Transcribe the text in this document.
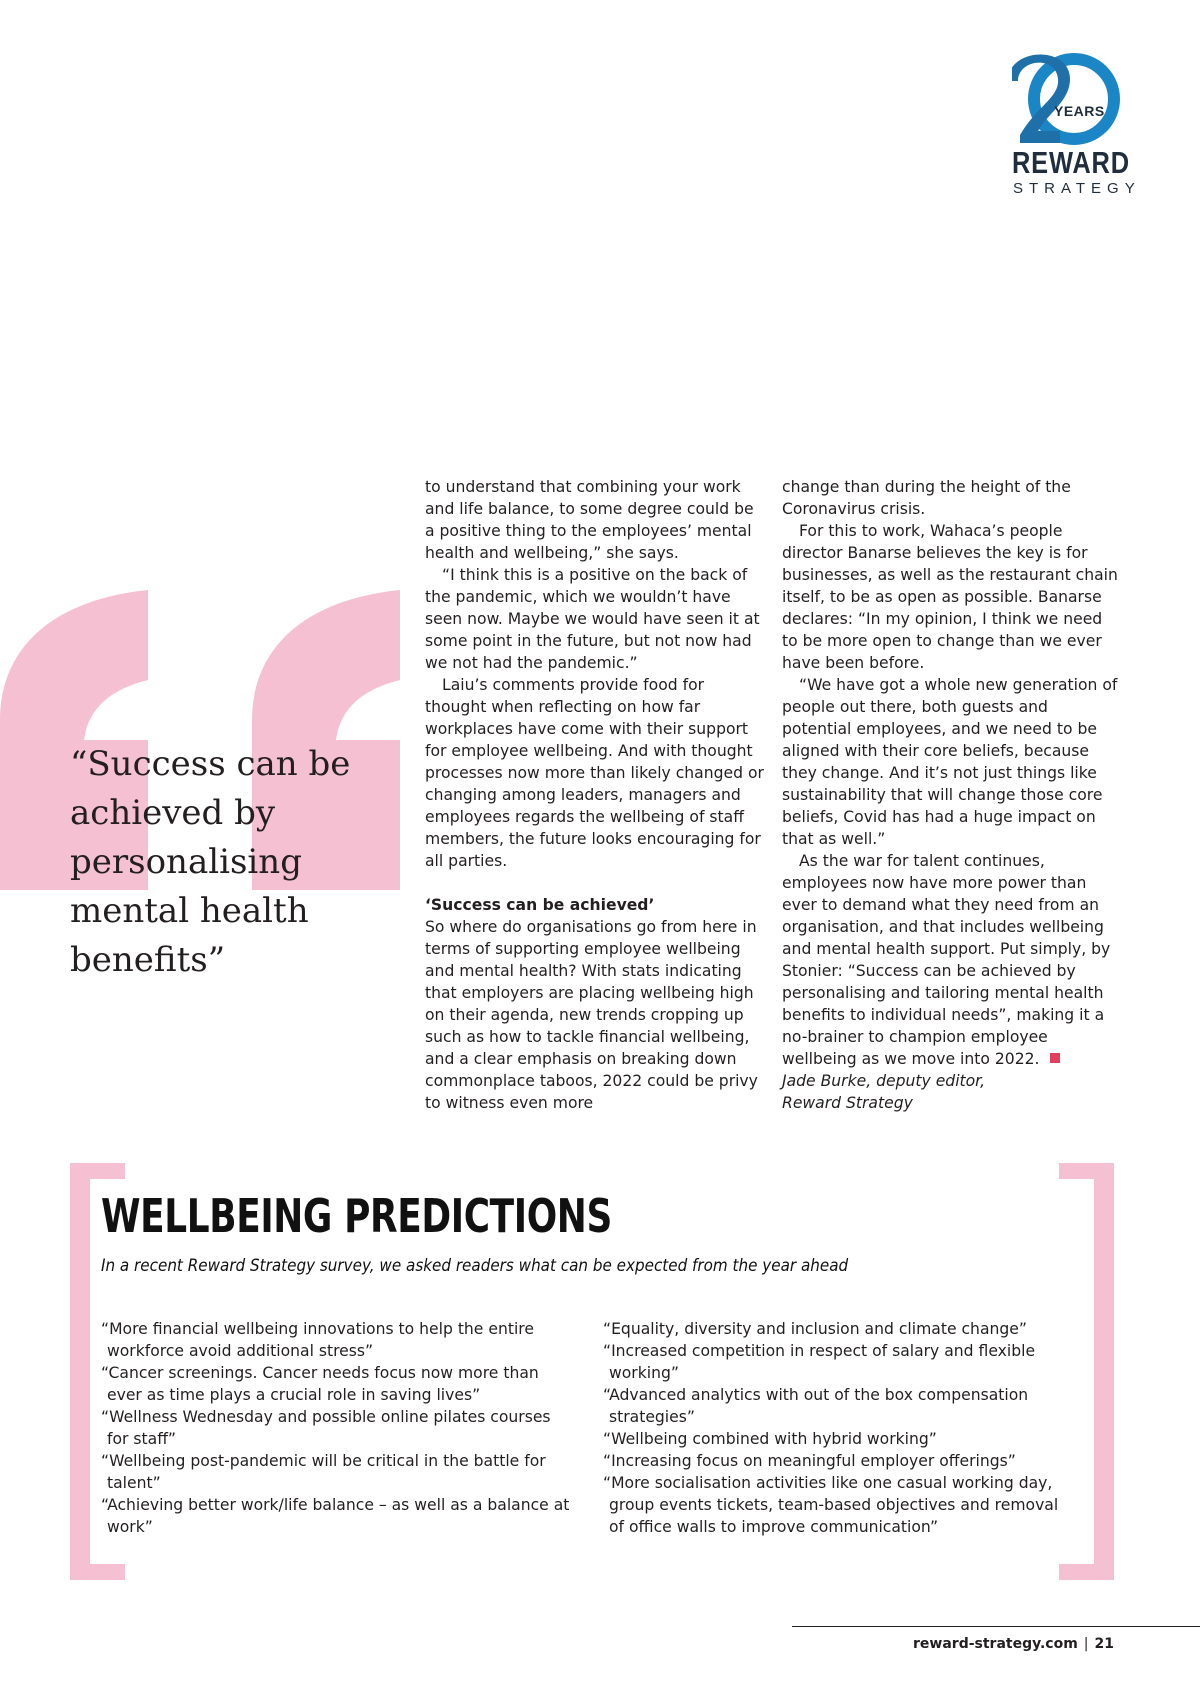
YEARS
REWARD
STRATEGY
“Success can be achieved by personalising mental health benefits”

to understand that combining your work and life balance, to some degree could be a positive thing to the employees’ mental health and wellbeing,” she says.

“I think this is a positive on the back of the pandemic, which we wouldn’t have seen now. Maybe we would have seen it at some point in the future, but not now had we not had the pandemic.”

Laiu’s comments provide food for thought when reflecting on how far workplaces have come with their support for employee wellbeing. And with thought processes now more than likely changed or changing among leaders, managers and employees regards the wellbeing of staff members, the future looks encouraging for all parties.

‘Success can be achieved’

So where do organisations go from here in terms of supporting employee wellbeing and mental health? With stats indicating that employers are placing wellbeing high on their agenda, new trends cropping up such as how to tackle financial wellbeing, and a clear emphasis on breaking down commonplace taboos, 2022 could be privy to witness even more

change than during the height of the Coronavirus crisis.

For this to work, Wahaca’s people director Banarse believes the key is for businesses, as well as the restaurant chain itself, to be as open as possible. Banarse declares: “In my opinion, I think we need to be more open to change than we ever have been before.

“We have got a whole new generation of people out there, both guests and potential employees, and we need to be aligned with their core beliefs, because they change. And it’s not just things like sustainability that will change those core beliefs, Covid has had a huge impact on that as well.”

As the war for talent continues, employees now have more power than ever to demand what they need from an organisation, and that includes wellbeing and mental health support. Put simply, by Stonier: “Success can be achieved by personalising and tailoring mental health benefits to individual needs”, making it a no-brainer to champion employee wellbeing as we move into 2022.

Jade Burke, deputy editor,

Reward Strategy

WELLBEING PREDICTIONS

In a recent Reward Strategy survey, we asked readers what can be expected from the year ahead

“More financial wellbeing innovations to help the entire workforce avoid additional stress”
“Cancer screenings. Cancer needs focus now more than ever as time plays a crucial role in saving lives”
“Wellness Wednesday and possible online pilates courses for staff”
“Wellbeing post-pandemic will be critical in the battle for talent”
“Achieving better work/life balance – as well as a balance at work”
“Equality, diversity and inclusion and climate change”
“Increased competition in respect of salary and flexible working”
“Advanced analytics with out of the box compensation strategies”
“Wellbeing combined with hybrid working”
“Increasing focus on meaningful employer offerings”
“More socialisation activities like one casual working day, group events tickets, team-based objectives and removal of office walls to improve communication”
reward-strategy.com | 21
